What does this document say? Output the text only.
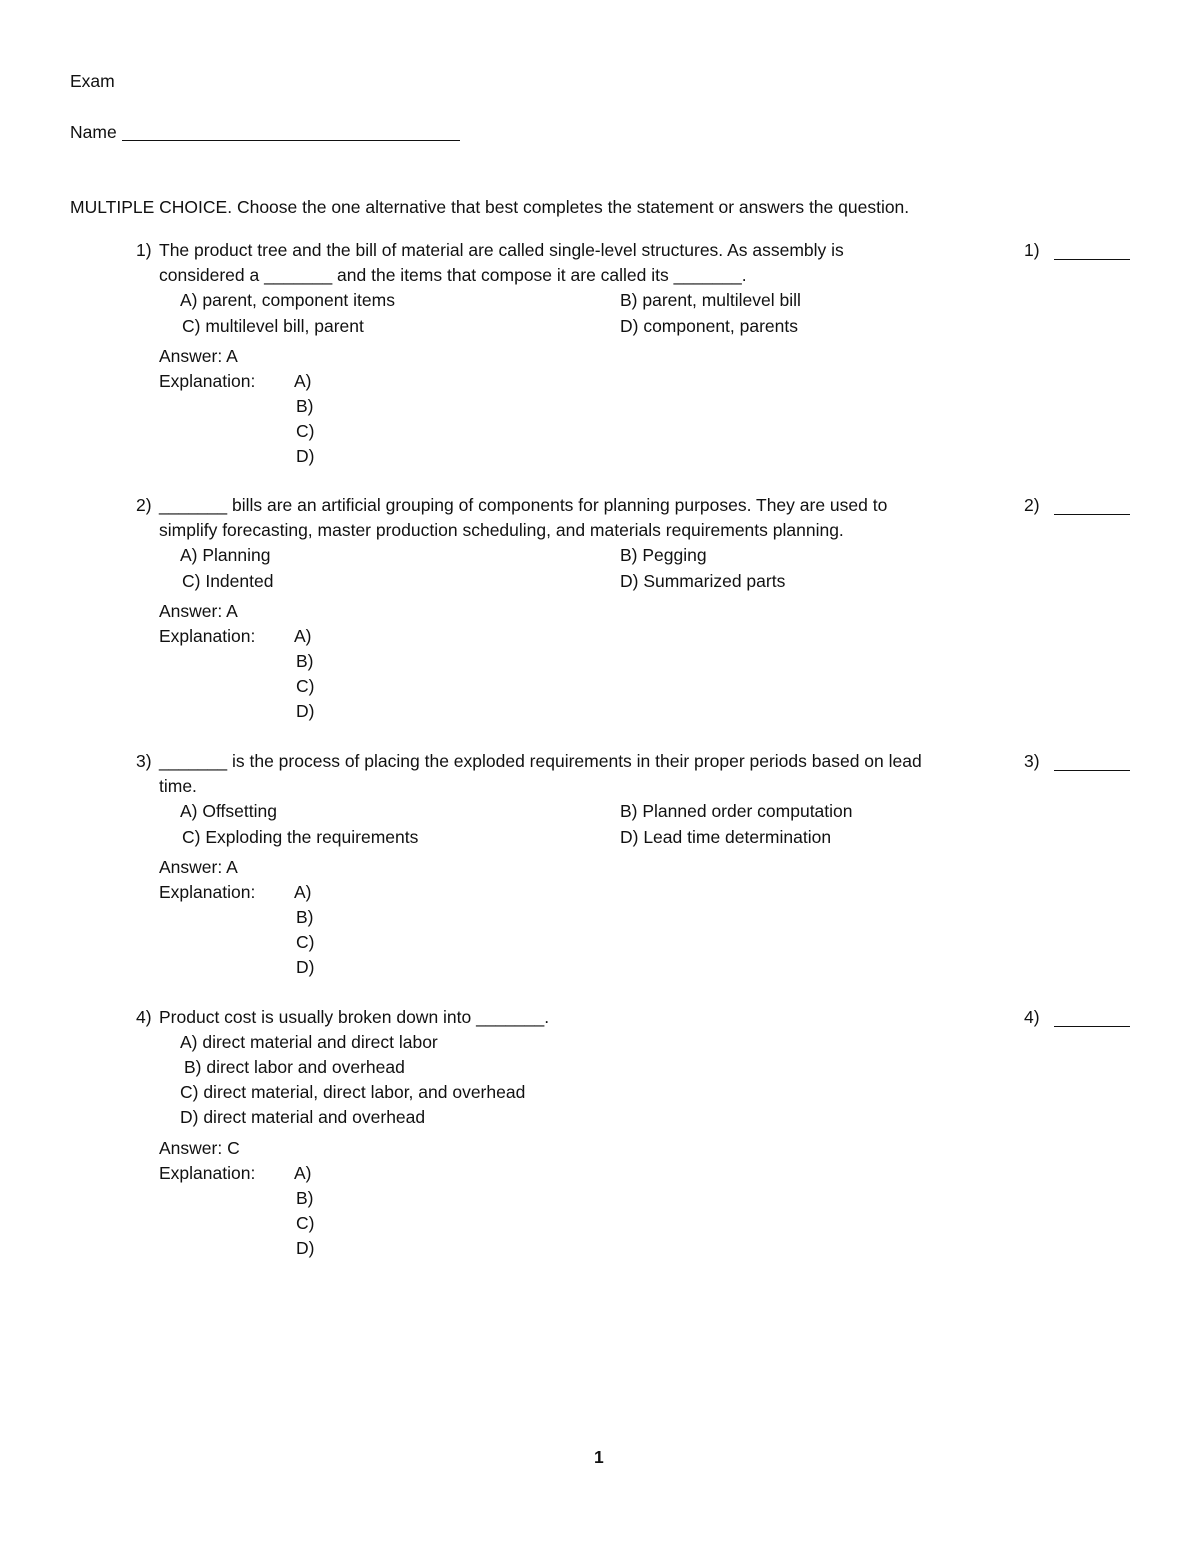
Exam
Name
MULTIPLE CHOICE. Choose the one alternative that best completes the statement or answers the question.
1) The product tree and the bill of material are called single-level structures. As assembly is
considered a _______ and the items that compose it are called its _______.
A) parent, component items	B) parent, multilevel bill
C) multilevel bill, parent	D) component, parents
Answer: A
Explanation: A)
B)
C)
D)
1)
2) _______ bills are an artificial grouping of components for planning purposes. They are used to
simplify forecasting, master production scheduling, and materials requirements planning.
A) Planning	B) Pegging
C) Indented	D) Summarized parts
Answer: A
Explanation: A)
B)
C)
D)
2)
3) _______ is the process of placing the exploded requirements in their proper periods based on lead
time.
A) Offsetting	B) Planned order computation
C) Exploding the requirements	D) Lead time determination
Answer: A
Explanation: A)
B)
C)
D)
3)
4) Product cost is usually broken down into _______.
A) direct material and direct labor
B) direct labor and overhead
C) direct material, direct labor, and overhead
D) direct material and overhead
Answer: C
Explanation: A)
B)
C)
D)
4)
1
